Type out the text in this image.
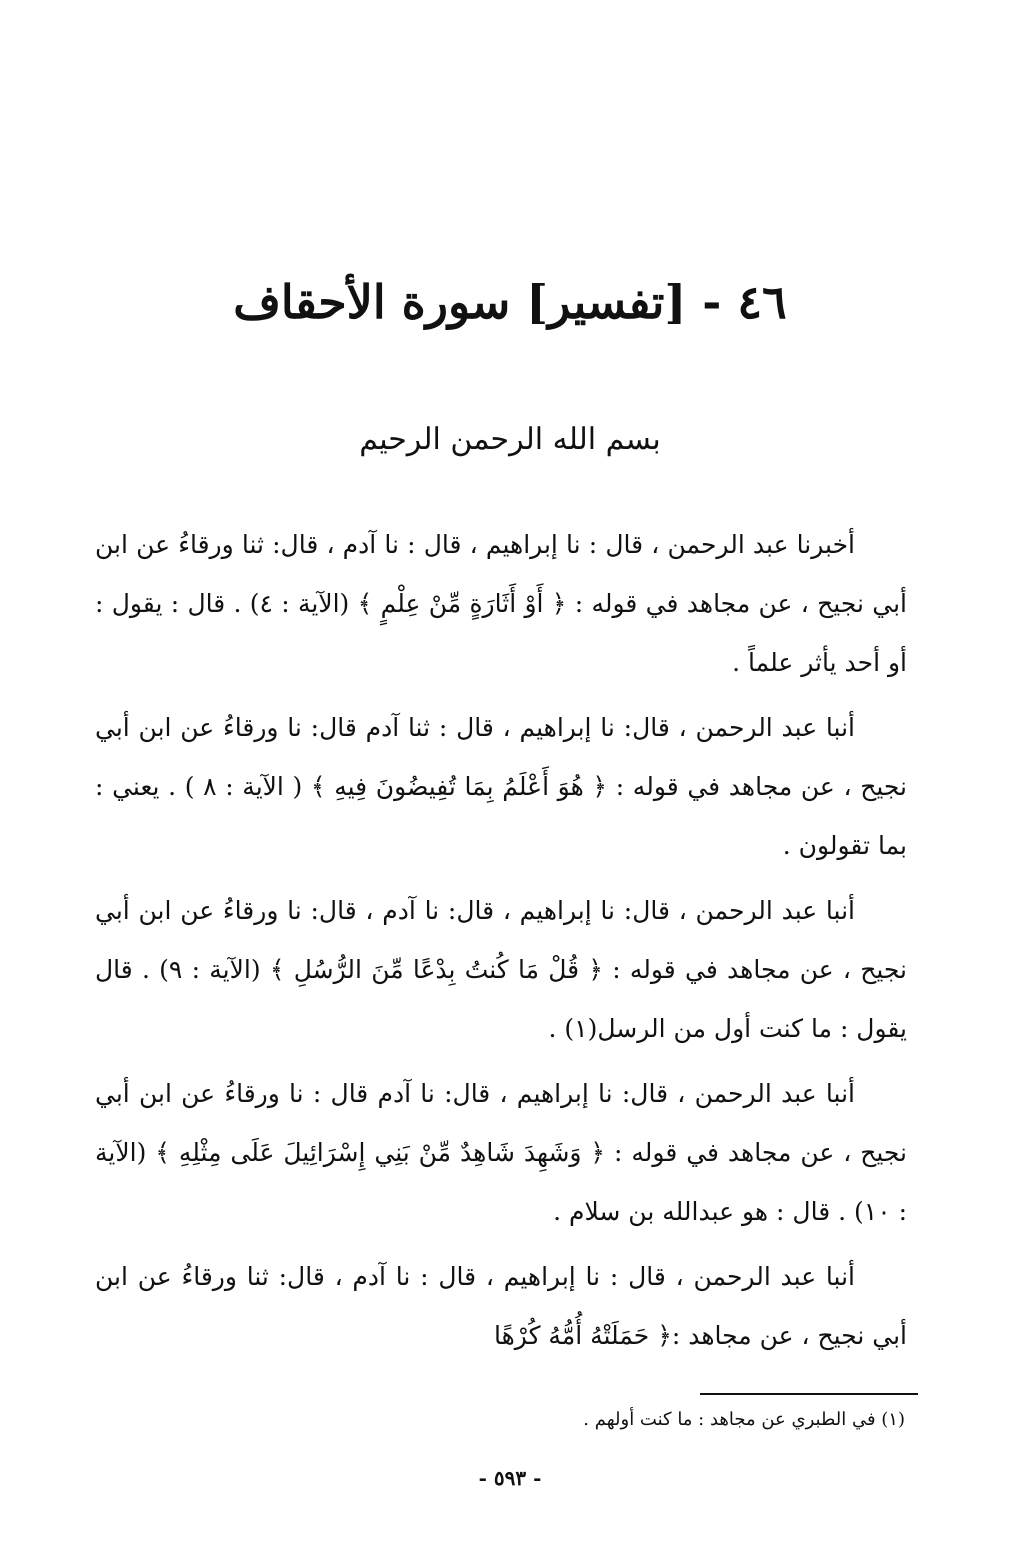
٤٦ - [تفسير] سورة الأحقاف
بسم الله الرحمن الرحيم

أخبرنا عبد الرحمن ، قال : نا إبراهيم ، قال : نا آدم ، قال: ثنا ورقاءُ عن ابن أبي نجيح ، عن مجاهد في قوله : ﴿ أَوْ أَثَارَةٍ مِّنْ عِلْمٍ ﴾ (الآية : ٤) . قال : يقول : أو أحد يأثر علماً .

أنبا عبد الرحمن ، قال: نا إبراهيم ، قال : ثنا آدم قال: نا ورقاءُ عن ابن أبي نجيح ، عن مجاهد في قوله : ﴿ هُوَ أَعْلَمُ بِمَا تُفِيضُونَ فِيهِ ﴾ ( الآية : ٨ ) . يعني : بما تقولون .

أنبا عبد الرحمن ، قال: نا إبراهيم ، قال: نا آدم ، قال: نا ورقاءُ عن ابن أبي نجيح ، عن مجاهد في قوله : ﴿ قُلْ مَا كُنتُ بِدْعًا مِّنَ الرُّسُلِ ﴾ (الآية : ٩) . قال يقول : ما كنت أول من الرسل(١) .

أنبا عبد الرحمن ، قال: نا إبراهيم ، قال: نا آدم قال : نا ورقاءُ عن ابن أبي نجيح ، عن مجاهد في قوله : ﴿ وَشَهِدَ شَاهِدٌ مِّنْ بَنِي إِسْرَائِيلَ عَلَى مِثْلِهِ ﴾ (الآية : ١٠) . قال : هو عبدالله بن سلام .

أنبا عبد الرحمن ، قال : نا إبراهيم ، قال : نا آدم ، قال: ثنا ورقاءُ عن ابن أبي نجيح ، عن مجاهد :﴿ حَمَلَتْهُ أُمُّهُ كُرْهًا

(١) في الطبري عن مجاهد : ما كنت أولهم .
- ٥٩٣ -
